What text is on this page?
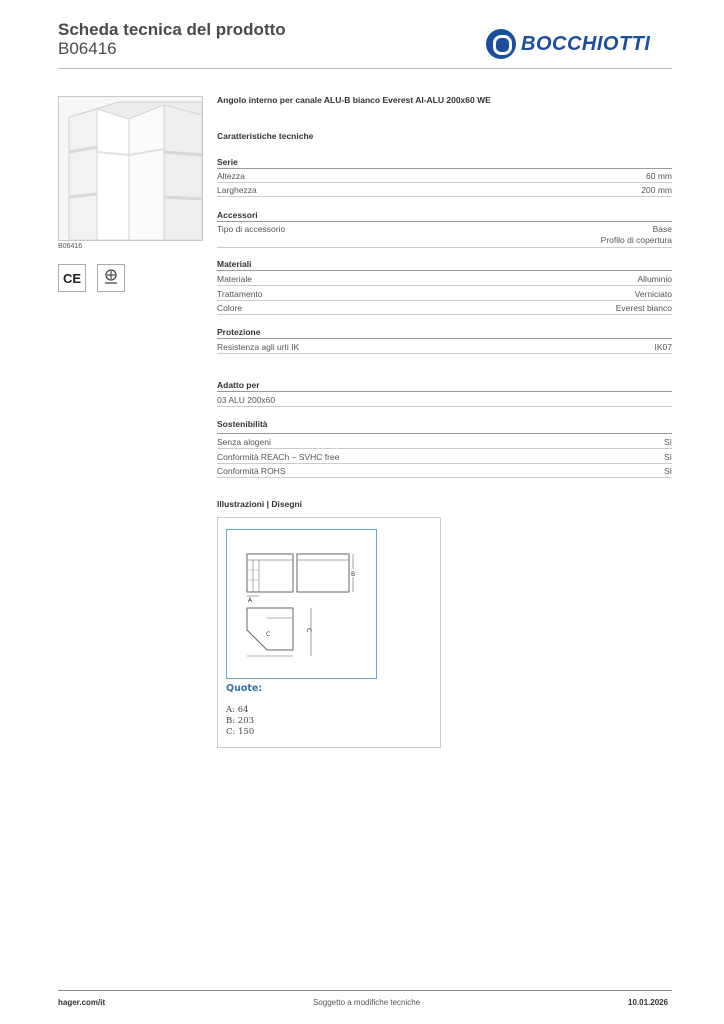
Scheda tecnica del prodotto
B06416	BOCCHIOTTI
B06416
CE
Angolo interno per canale ALU-B bianco Everest AI-ALU 200x60 WE
Caratteristiche tecniche
Serie
Altezza	60 mm
Larghezza	200 mm
Accessori
Tipo di accessorio	Base
Profilo di copertura
Materiali
Materiale	Alluminio
Trattamento	Verniciato
Colore	Everest bianco
Protezione
Resistenza agli urti IK	IK07
Adatto per
03 ALU 200x60
Sostenibilità
Senza alogeni	Sì
Conformità REACh – SVHC free	Sì
Conformità ROHS	Sì
Illustrazioni | Disegni
A
B
C
C
Quote:
A: 64
B: 203
C: 150
hager.com/it	Soggetto a modifiche tecniche	10.01.2026
